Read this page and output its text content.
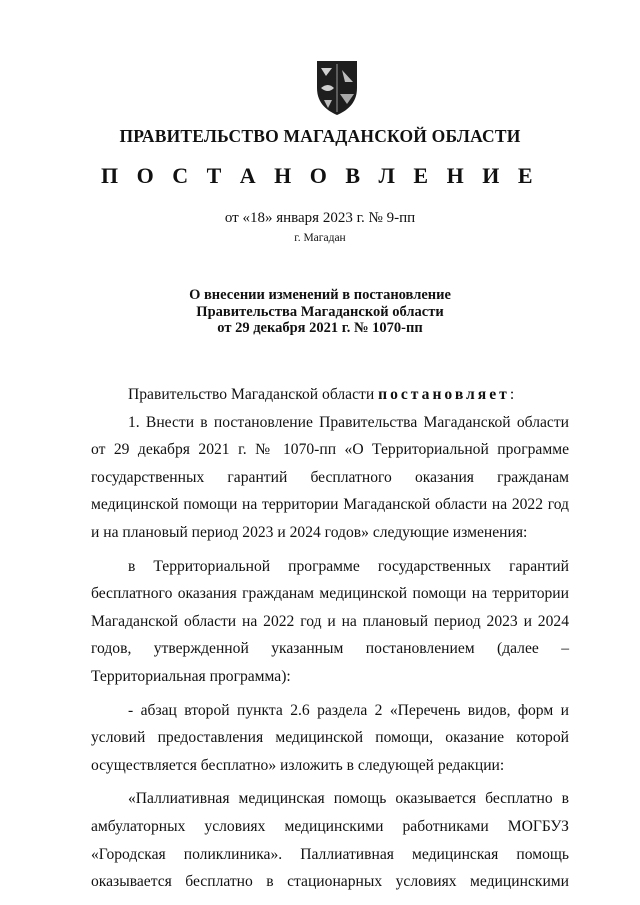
ПРАВИТЕЛЬСТВО МАГАДАНСКОЙ ОБЛАСТИ
П О С Т А Н О В Л Е Н И Е
от «18» января 2023 г. № 9-пп
г. Магадан
О внесении изменений в постановление
Правительства Магаданской области
от 29 декабря 2021 г. № 1070-пп
Правительство Магаданской области постановляет:

1. Внести в постановление Правительства Магаданской области от 29 декабря 2021 г. № 1070-пп «О Территориальной программе государственных гарантий бесплатного оказания гражданам медицинской помощи на территории Магаданской области на 2022 год и на плановый период 2023 и 2024 годов» следующие изменения:

в Территориальной программе государственных гарантий бесплатного оказания гражданам медицинской помощи на территории Магаданской области на 2022 год и на плановый период 2023 и 2024 годов, утвержденной указанным постановлением (далее – Территориальная программа):

- абзац второй пункта 2.6 раздела 2 «Перечень видов, форм и условий предоставления медицинской помощи, оказание которой осуществляется бесплатно» изложить в следующей редакции:

«Паллиативная медицинская помощь оказывается бесплатно в амбулаторных условиях медицинскими работниками МОГБУЗ «Городская поликлиника». Паллиативная медицинская помощь оказывается бесплатно в стационарных условиях медицинскими
